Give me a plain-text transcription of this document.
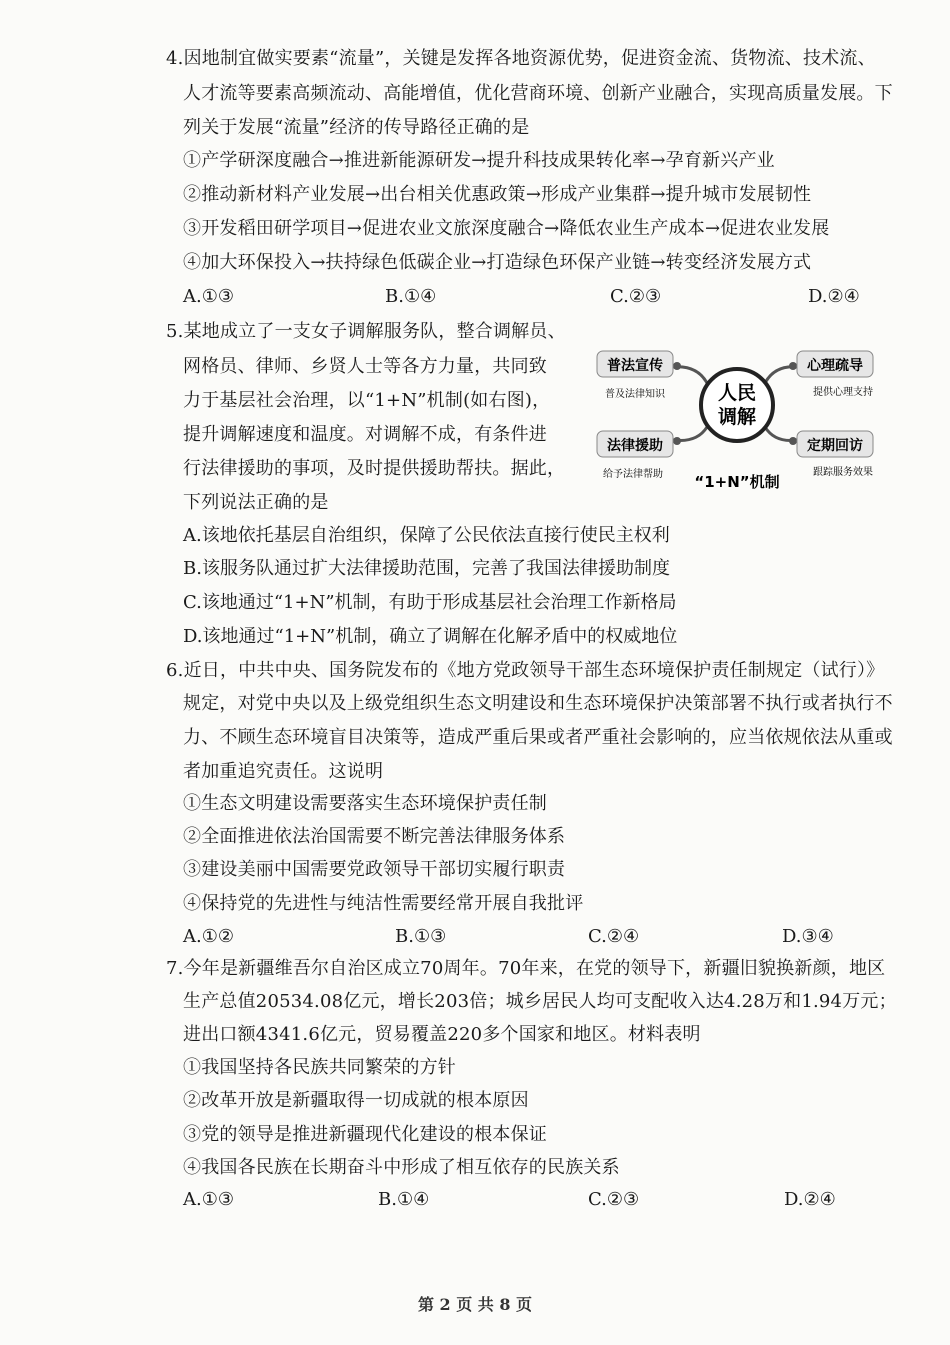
4.因地制宜做实要素“流量”，关键是发挥各地资源优势，促进资金流、货物流、技术流、
人才流等要素高频流动、高能增值，优化营商环境、创新产业融合，实现高质量发展。下
列关于发展“流量”经济的传导路径正确的是
①产学研深度融合→推进新能源研发→提升科技成果转化率→孕育新兴产业
②推动新材料产业发展→出台相关优惠政策→形成产业集群→提升城市发展韧性
③开发稻田研学项目→促进农业文旅深度融合→降低农业生产成本→促进农业发展
④加大环保投入→扶持绿色低碳企业→打造绿色环保产业链→转变经济发展方式
A.①③	B.①④	C.②③	D.②④
5.某地成立了一支女子调解服务队，整合调解员、
网格员、律师、乡贤人士等各方力量，共同致
力于基层社会治理，以“1+N”机制(如右图)，
提升调解速度和温度。对调解不成，有条件进
行法律援助的事项，及时提供援助帮扶。据此，
下列说法正确的是
人民
调解
普法宣传
普及法律知识
心理疏导
提供心理支持
法律援助
给予法律帮助
定期回访
跟踪服务效果
“1+N”机制
A.该地依托基层自治组织，保障了公民依法直接行使民主权利
B.该服务队通过扩大法律援助范围，完善了我国法律援助制度
C.该地通过“1+N”机制，有助于形成基层社会治理工作新格局
D.该地通过“1+N”机制，确立了调解在化解矛盾中的权威地位
6.近日，中共中央、国务院发布的《地方党政领导干部生态环境保护责任制规定（试行）》
规定，对党中央以及上级党组织生态文明建设和生态环境保护决策部署不执行或者执行不
力、不顾生态环境盲目决策等，造成严重后果或者严重社会影响的，应当依规依法从重或
者加重追究责任。这说明
①生态文明建设需要落实生态环境保护责任制
②全面推进依法治国需要不断完善法律服务体系
③建设美丽中国需要党政领导干部切实履行职责
④保持党的先进性与纯洁性需要经常开展自我批评
A.①②	B.①③	C.②④	D.③④
7.今年是新疆维吾尔自治区成立70周年。70年来，在党的领导下，新疆旧貌换新颜，地区
生产总值20534.08亿元，增长203倍；城乡居民人均可支配收入达4.28万和1.94万元；
进出口额4341.6亿元，贸易覆盖220多个国家和地区。材料表明
①我国坚持各民族共同繁荣的方针
②改革开放是新疆取得一切成就的根本原因
③党的领导是推进新疆现代化建设的根本保证
④我国各民族在长期奋斗中形成了相互依存的民族关系
A.①③	B.①④	C.②③	D.②④
第 2 页 共 8 页
